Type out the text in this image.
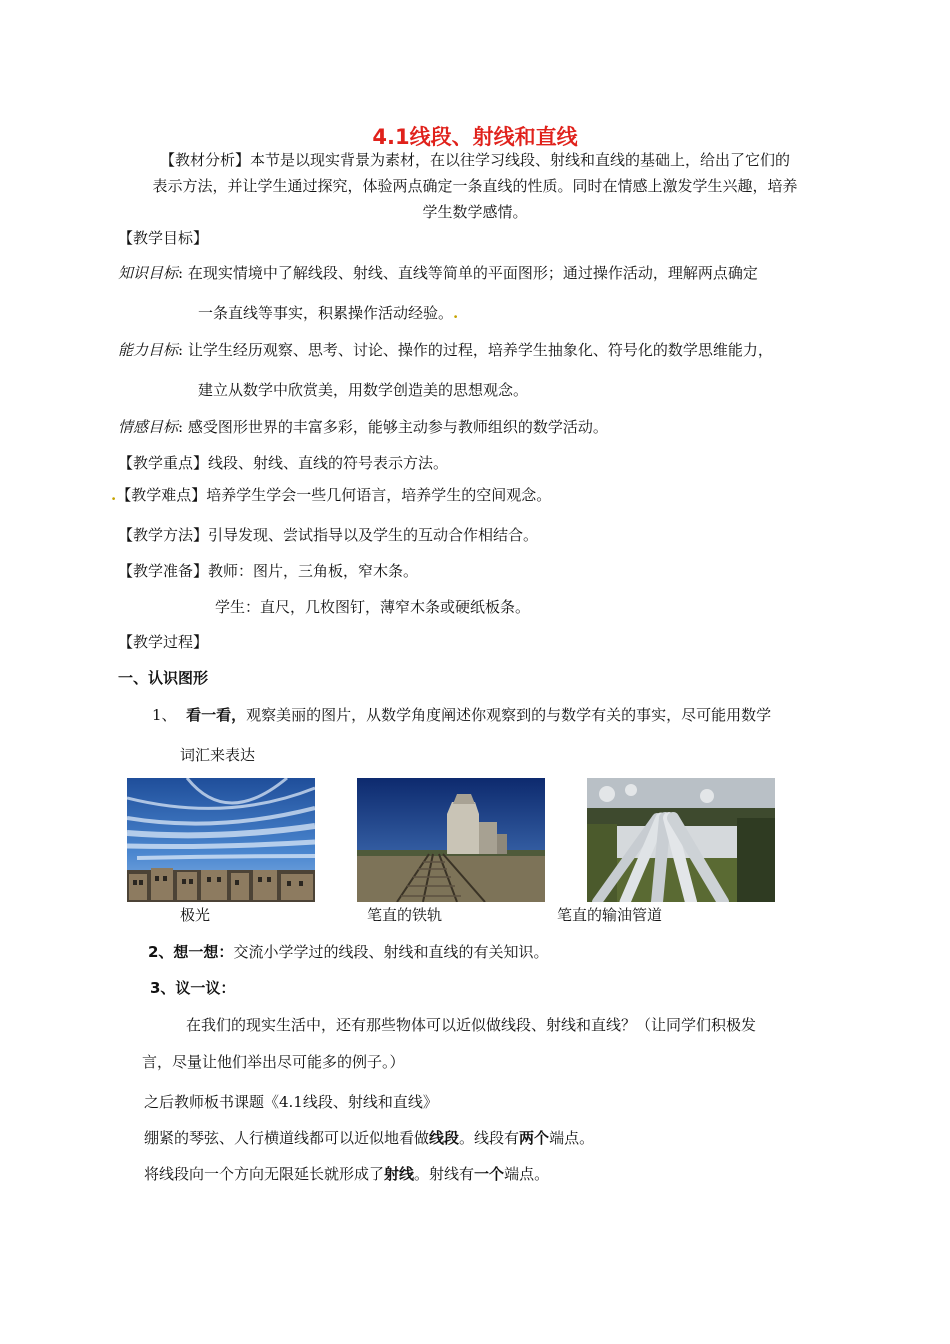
4.1线段、射线和直线
【教材分析】本节是以现实背景为素材，在以往学习线段、射线和直线的基础上，给出了它们的
表示方法，并让学生通过探究，体验两点确定一条直线的性质。同时在情感上激发学生兴趣，培养
学生数学感情。
【教学目标】
知识目标: 在现实情境中了解线段、射线、直线等简单的平面图形；通过操作活动，理解两点确定
一条直线等事实，积累操作活动经验。.
能力目标: 让学生经历观察、思考、讨论、操作的过程，培养学生抽象化、符号化的数学思维能力，
建立从数学中欣赏美，用数学创造美的思想观念。
情感目标: 感受图形世界的丰富多彩，能够主动参与教师组织的数学活动。
【教学重点】线段、射线、直线的符号表示方法。
.【教学难点】培养学生学会一些几何语言，培养学生的空间观念。
【教学方法】引导发现、尝试指导以及学生的互动合作相结合。
【教学准备】教师：图片，三角板，窄木条。
学生：直尺，几枚图钉，薄窄木条或硬纸板条。
【教学过程】
一、认识图形
1、 看一看，观察美丽的图片，从数学角度阐述你观察到的与数学有关的事实，尽可能用数学
词汇来表达
极光	笔直的铁轨	笔直的输油管道
2、想一想：交流小学学过的线段、射线和直线的有关知识。
3、议一议：
在我们的现实生活中，还有那些物体可以近似做线段、射线和直线？（让同学们积极发
言，尽量让他们举出尽可能多的例子。）
之后教师板书课题《4.1线段、射线和直线》
绷紧的琴弦、人行横道线都可以近似地看做线段。线段有两个端点。
将线段向一个方向无限延长就形成了射线。射线有一个端点。
